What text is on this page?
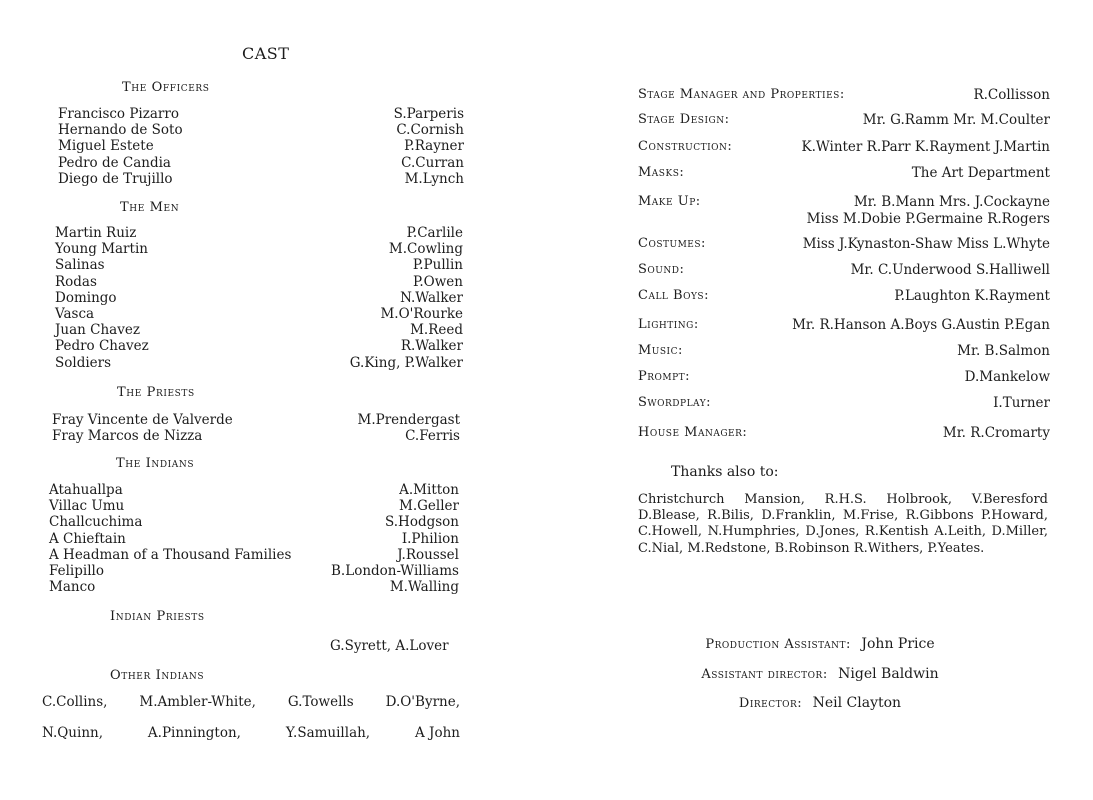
CAST
The Officers
Francisco Pizarro	S.Parperis
Hernando de Soto	C.Cornish
Miguel Estete	P.Rayner
Pedro de Candia	C.Curran
Diego de Trujillo	M.Lynch
The Men
Martin Ruiz	P.Carlile
Young Martin	M.Cowling
Salinas	P.Pullin
Rodas	P.Owen
Domingo	N.Walker
Vasca	M.O'Rourke
Juan Chavez	M.Reed
Pedro Chavez	R.Walker
Soldiers	G.King, P.Walker
The Priests
Fray Vincente de Valverde	M.Prendergast
Fray Marcos de Nizza	C.Ferris
The Indians
Atahuallpa	A.Mitton
Villac Umu	M.Geller
Challcuchima	S.Hodgson
A Chieftain	I.Philion
A Headman of a Thousand Families	J.Roussel
Felipillo	B.London-Williams
Manco	M.Walling
Indian Priests
G.Syrett, A.Lover
Other Indians
C.Collins, M.Ambler-White, G.Towells D.O'Byrne,
N.Quinn,	A.Pinnington,	Y.Samuillah,	A John
Stage Manager and Properties:	R.Collisson
Stage Design:	Mr. G.Ramm Mr. M.Coulter
Construction:	K.Winter R.Parr K.Rayment J.Martin
Masks:	The Art Department
Make Up:	Mr. B.Mann Mrs. J.Cockayne
Miss M.Dobie P.Germaine R.Rogers
Costumes:	Miss J.Kynaston-Shaw Miss L.Whyte
Sound:	Mr. C.Underwood S.Halliwell
Call Boys:	P.Laughton K.Rayment
Lighting:	Mr. R.Hanson A.Boys G.Austin P.Egan
Music:	Mr. B.Salmon
Prompt:	D.Mankelow
Swordplay:	I.Turner
House Manager:	Mr. R.Cromarty
Thanks also to:
Christchurch Mansion, R.H.S. Holbrook, V.Beresford D.Blease, R.Bilis, D.Franklin, M.Frise, R.Gibbons P.Howard, C.Howell, N.Humphries, D.Jones, R.Kentish A.Leith, D.Miller, C.Nial, M.Redstone, B.Robinson R.Withers, P.Yeates.
Production Assistant: John Price
Assistant director: Nigel Baldwin
Director: Neil Clayton
